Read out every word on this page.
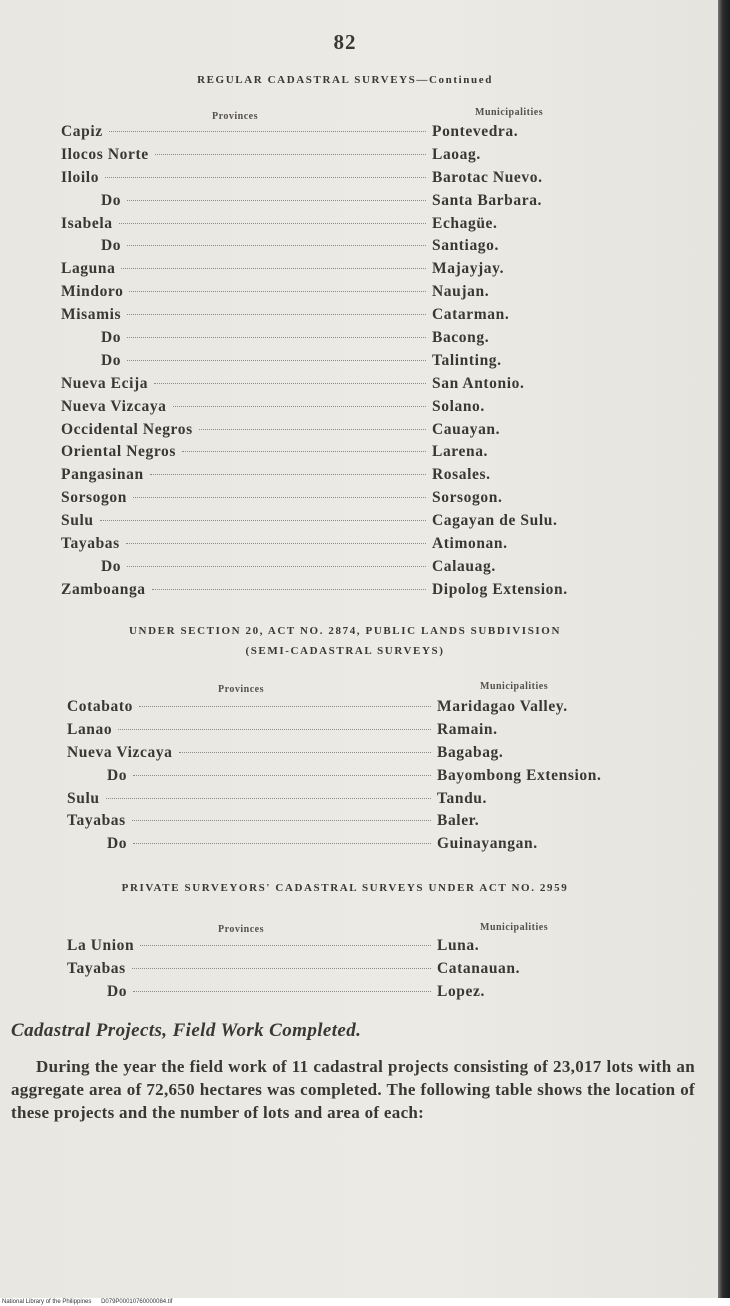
82
REGULAR CADASTRAL SURVEYS—Continued
Provinces	Municipalities
Capiz	Pontevedra.
Ilocos Norte	Laoag.
Iloilo	Barotac Nuevo.
Do	Santa Barbara.
Isabela	Echagüe.
Do	Santiago.
Laguna	Majayjay.
Mindoro	Naujan.
Misamis	Catarman.
Do	Bacong.
Do	Talinting.
Nueva Ecija	San Antonio.
Nueva Vizcaya	Solano.
Occidental Negros	Cauayan.
Oriental Negros	Larena.
Pangasinan	Rosales.
Sorsogon	Sorsogon.
Sulu	Cagayan de Sulu.
Tayabas	Atimonan.
Do	Calauag.
Zamboanga	Dipolog Extension.
UNDER SECTION 20, ACT NO. 2874, PUBLIC LANDS SUBDIVISION
(SEMI-CADASTRAL SURVEYS)
Provinces	Municipalities
Cotabato	Maridagao Valley.
Lanao	Ramain.
Nueva Vizcaya	Bagabag.
Do	Bayombong Extension.
Sulu	Tandu.
Tayabas	Baler.
Do	Guinayangan.
PRIVATE SURVEYORS' CADASTRAL SURVEYS UNDER ACT NO. 2959
Provinces	Municipalities
La Union	Luna.
Tayabas	Catanauan.
Do	Lopez.
Cadastral Projects, Field Work Completed.

During the year the field work of 11 cadastral projects consisting of 23,017 lots with an aggregate area of 72,650 hectares was completed. The following table shows the location of these projects and the number of lots and area of each:

National Library of the Philippines D079P00010760000084.tif
